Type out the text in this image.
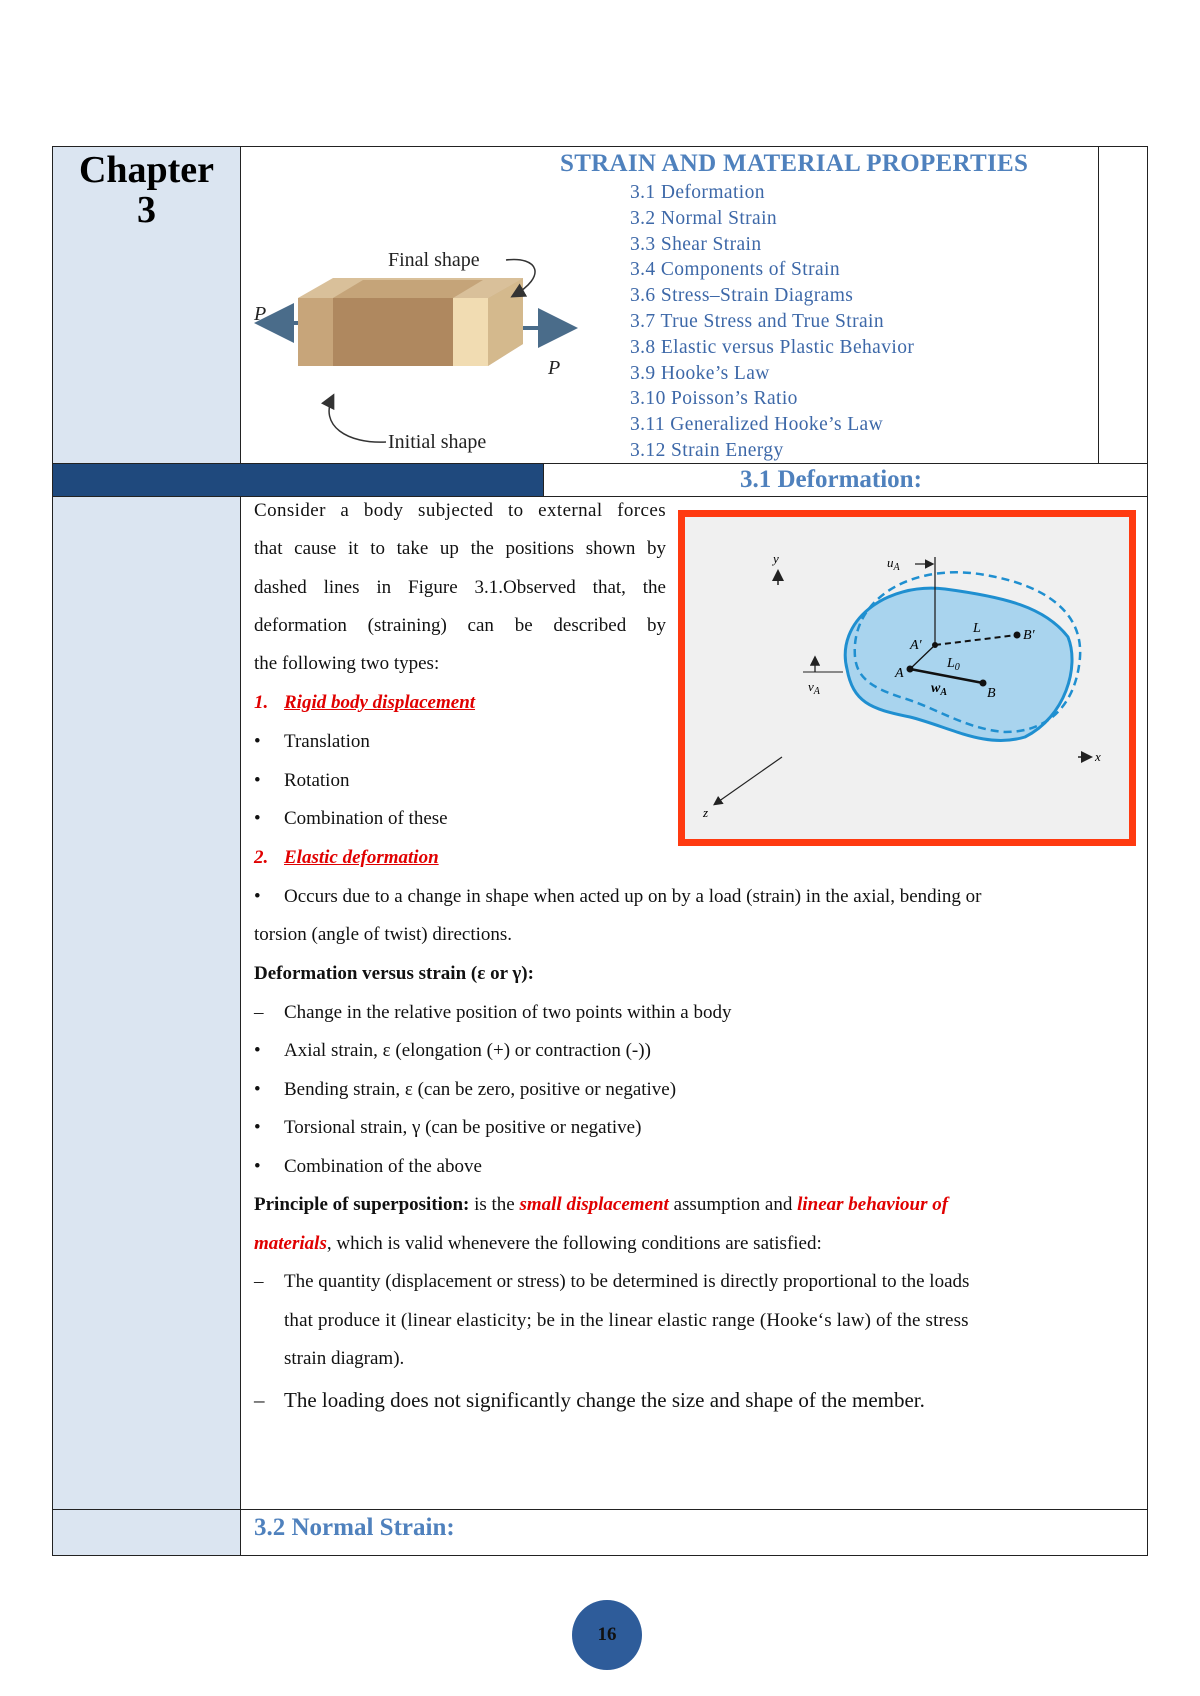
Chapter
3
P
P
Final shape
Initial shape
STRAIN AND MATERIAL PROPERTIES
3.1 Deformation
3.2 Normal Strain
3.3 Shear Strain
3.4 Components of Strain
3.6 Stress–Strain Diagrams
3.7 True Stress and True Strain
3.8 Elastic versus Plastic Behavior
3.9 Hooke’s Law
3.10 Poisson’s Ratio
3.11 Generalized Hooke’s Law
3.12 Strain Energy
3.1 Deformation:
Consider a body subjected to external forces
that cause it to take up the positions shown by
dashed lines in Figure 3.1.Observed that, the
deformation (straining) can be described by
the following two types:
1. Rigid body displacement
• Translation
• Rotation
• Combination of these
2. Elastic deformation
• Occurs due to a change in shape when acted up on by a load (strain) in the axial, bending or
torsion (angle of twist) directions.
Deformation versus strain (ε or γ):
– Change in the relative position of two points within a body
• Axial strain, ε (elongation (+) or contraction (-))
• Bending strain, ε (can be zero, positive or negative)
• Torsional strain, γ (can be positive or negative)
• Combination of the above
Principle of superposition: is the small displacement assumption and linear behaviour of
materials, which is valid whenevere the following conditions are satisfied:
– The quantity (displacement or stress) to be determined is directly proportional to the loads
that produce it (linear elasticity; be in the linear elastic range (Hooke‘s law) of the stress
strain diagram).
– The loading does not significantly change the size and shape of the member.
y
x
z
$u_A$
$v_A$
A
B
$w_A$
$L_0$
A′
B′
L
3.2 Normal Strain:
16
